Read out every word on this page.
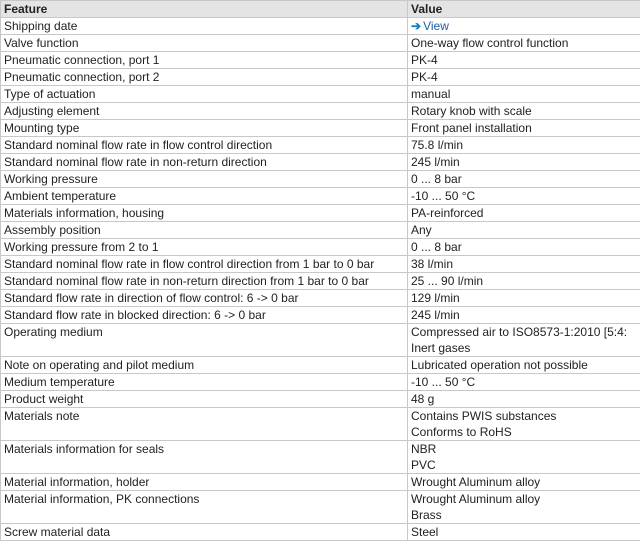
Feature	Value
Shipping date	➔ View

Valve function	One-way flow control function

Pneumatic connection, port 1	PK-4

Pneumatic connection, port 2	PK-4

Type of actuation	manual

Adjusting element	Rotary knob with scale

Mounting type	Front panel installation

Standard nominal flow rate in flow control direction	75.8 l/min

Standard nominal flow rate in non-return direction	245 l/min

Working pressure	0 ... 8 bar

Ambient temperature	-10 ... 50 °C

Materials information, housing	PA-reinforced

Assembly position	Any

Working pressure from 2 to 1	0 ... 8 bar

Standard nominal flow rate in flow control direction from 1 bar to 0 bar	38 l/min

Standard nominal flow rate in non-return direction from 1 bar to 0 bar	25 ... 90 l/min

Standard flow rate in direction of flow control: 6 -> 0 bar	129 l/min

Standard flow rate in blocked direction: 6 -> 0 bar	245 l/min

Operating medium	Compressed air to ISO8573-1:2010 [5:4:
Inert gases

Note on operating and pilot medium	Lubricated operation not possible

Medium temperature	-10 ... 50 °C

Product weight	48 g

Materials note	Contains PWIS substances
Conforms to RoHS

Materials information for seals	NBR
PVC

Material information, holder	Wrought Aluminum alloy

Material information, PK connections	Wrought Aluminum alloy
Brass

Screw material data	Steel
